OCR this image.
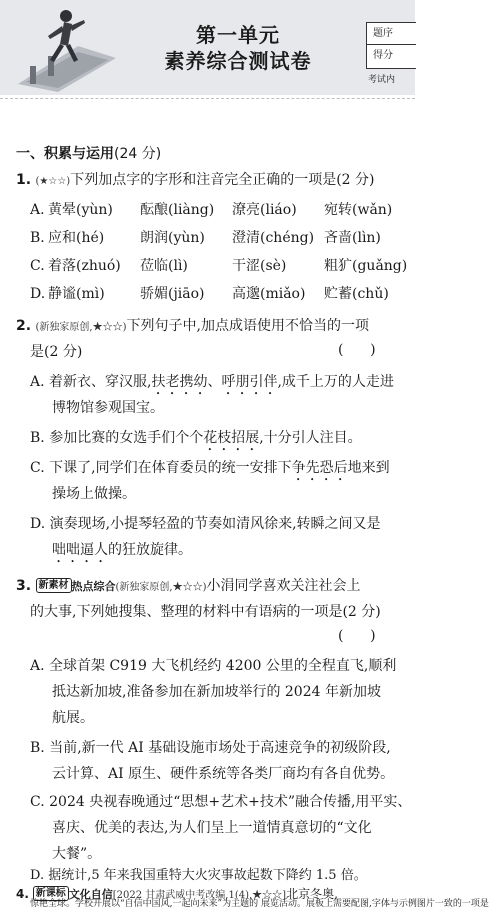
第一单元
素养综合测试卷
题序
得分
考试内
一、积累与运用(24 分)
1. (★☆☆)下列加点字的字形和注音完全正确的一项是(2 分)
A. 黄晕(yùn) 酝酿(liàng) 潦亮(liáo) 宛转(wǎn)
B. 应和(hé)	朗润(yùn) 澄清(chéng) 吝啬(lìn)
C. 着落(zhuó) 莅临(lì)	干涩(sè)	粗犷(guǎng)
D. 静谧(mì)	骄媚(jiāo) 高邈(miǎo) 贮蓄(chǔ)
2. (新独家原创,★☆☆)下列句子中,加点成语使用不恰当的一项
是(2 分)	(      )
A. 着新衣、穿汉服,扶老携幼、呼朋引伴,成千上万的人走进
博物馆参观国宝。
B. 参加比赛的女选手们个个花枝招展,十分引人注目。
C. 下课了,同学们在体育委员的统一安排下争先恐后地来到
操场上做操。
D. 演奏现场,小提琴轻盈的节奏如清风徐来,转瞬之间又是
咄咄逼人的狂放旋律。
3. 新素材 热点综合(新独家原创,★☆☆)小涓同学喜欢关注社会上
的大事,下列她搜集、整理的材料中有语病的一项是(2 分)
(      )
A. 全球首架 C919 大飞机经约 4200 公里的全程直飞,顺利
抵达新加坡,准备参加在新加坡举行的 2024 年新加坡
航展。
B. 当前,新一代 AI 基础设施市场处于高速竞争的初级阶段,
云计算、AI 原生、硬件系统等各类厂商均有各自优势。
C. 2024 央视春晚通过“思想+艺术+技术”融合传播,用平实、
喜庆、优美的表达,为人们呈上一道情真意切的“文化
大餐”。
D. 据统计,5 年来我国重特大火灾事故起数下降约 1.5 倍。
4. 新课标 文化自信[2022 甘肃武威中考改编,1(4),★☆☆]北京冬奥,
惊艳全球。学校开展以“自信中国风,一起向未来”为主题的 展览活动。展板上需要配图,字体与示例图片一致的一项是
